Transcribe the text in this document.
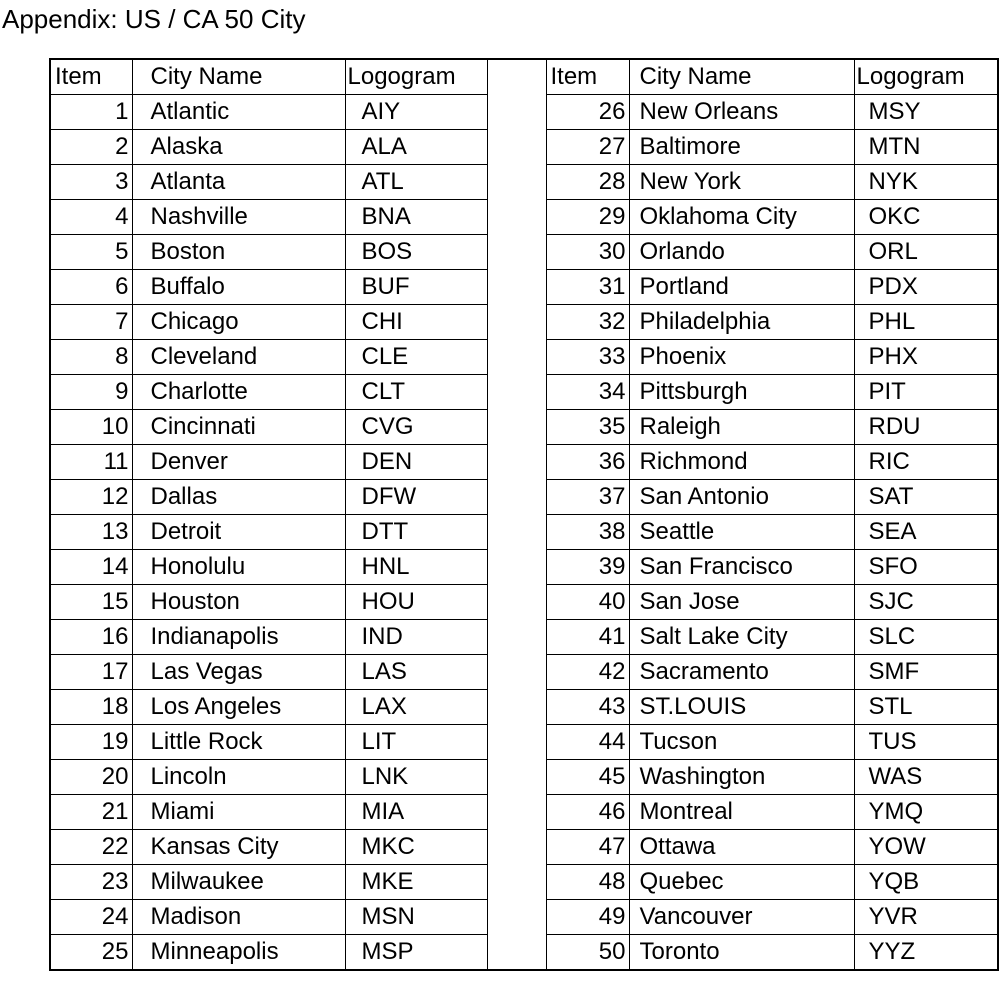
Appendix: US / CA 50 City
Item	City Name	Logogram		Item	City Name	Logogram
1	Atlantic	AIY		26	New Orleans	MSY
2	Alaska	ALA		27	Baltimore	MTN
3	Atlanta	ATL		28	New York	NYK
4	Nashville	BNA		29	Oklahoma City	OKC
5	Boston	BOS		30	Orlando	ORL
6	Buffalo	BUF		31	Portland	PDX
7	Chicago	CHI		32	Philadelphia	PHL
8	Cleveland	CLE		33	Phoenix	PHX
9	Charlotte	CLT		34	Pittsburgh	PIT
10	Cincinnati	CVG		35	Raleigh	RDU
11	Denver	DEN		36	Richmond	RIC
12	Dallas	DFW		37	San Antonio	SAT
13	Detroit	DTT		38	Seattle	SEA
14	Honolulu	HNL		39	San Francisco	SFO
15	Houston	HOU		40	San Jose	SJC
16	Indianapolis	IND		41	Salt Lake City	SLC
17	Las Vegas	LAS		42	Sacramento	SMF
18	Los Angeles	LAX		43	ST.LOUIS	STL
19	Little Rock	LIT		44	Tucson	TUS
20	Lincoln	LNK		45	Washington	WAS
21	Miami	MIA		46	Montreal	YMQ
22	Kansas City	MKC		47	Ottawa	YOW
23	Milwaukee	MKE		48	Quebec	YQB
24	Madison	MSN		49	Vancouver	YVR
25	Minneapolis	MSP		50	Toronto	YYZ
